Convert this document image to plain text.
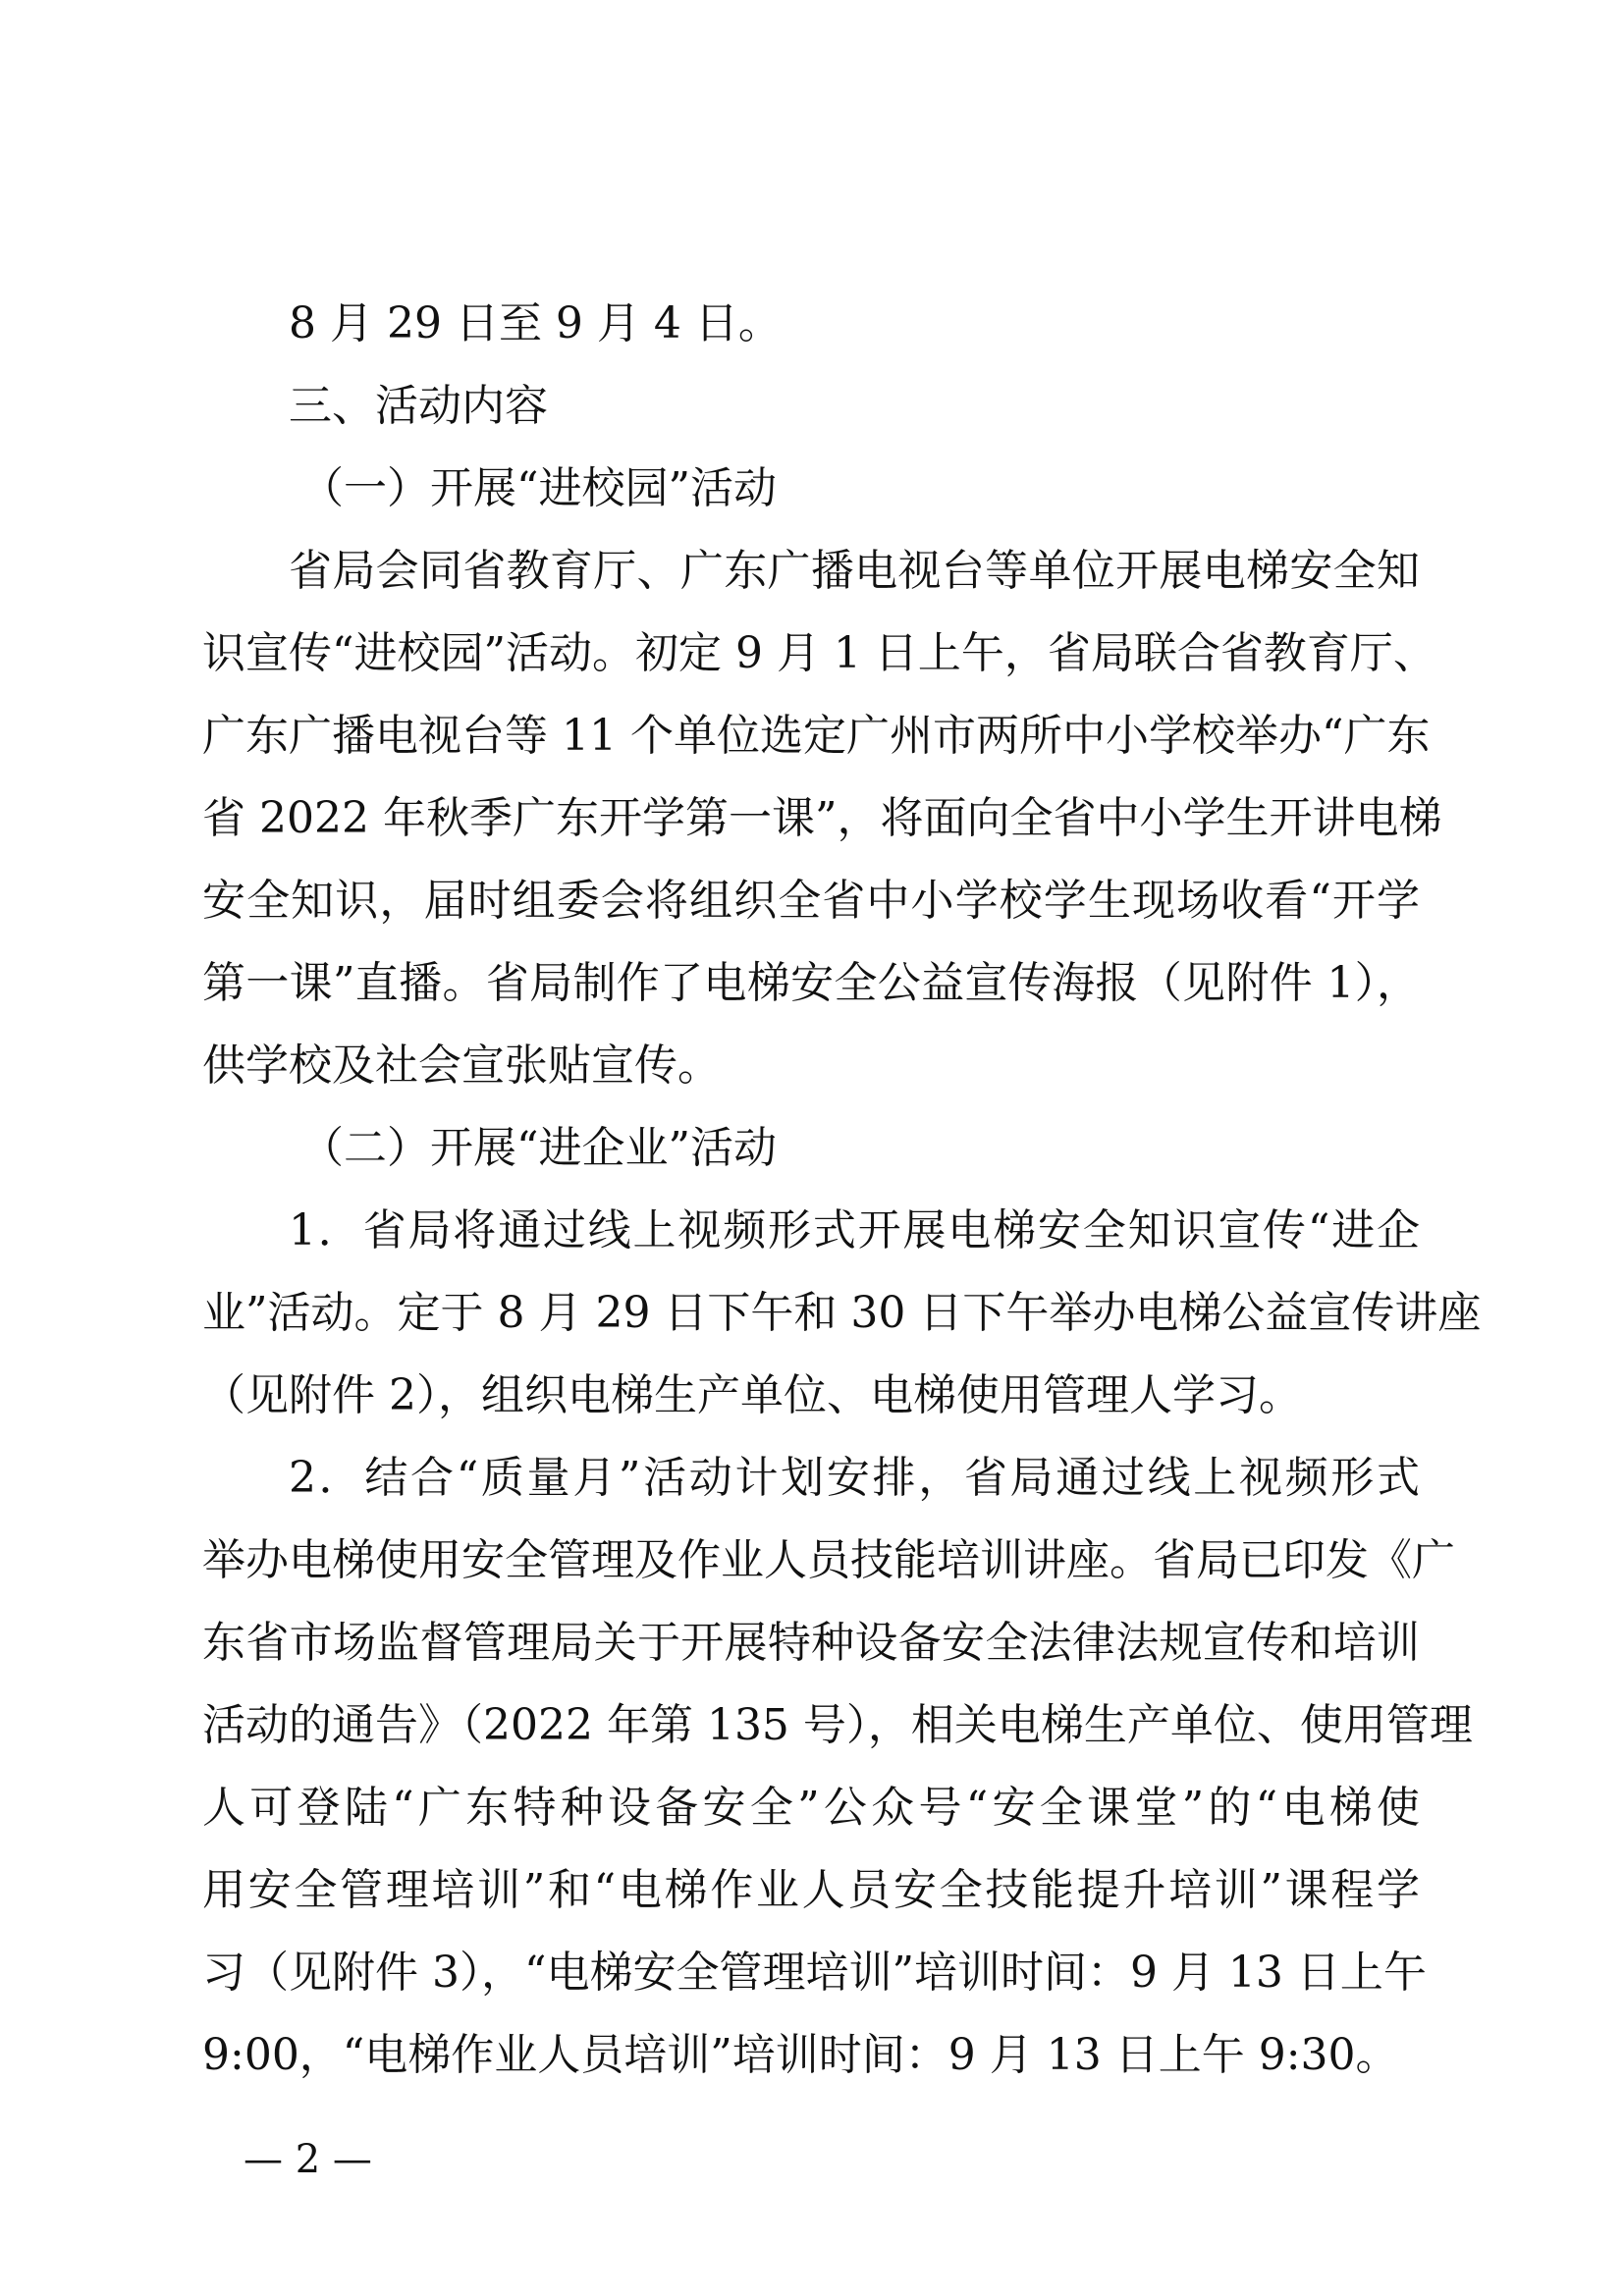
8 月 29 日至 9 月 4 日。
三、活动内容
（一）开展“进校园”活动
省局会同省教育厅、广东广播电视台等单位开展电梯安全知
识宣传“进校园”活动。初定 9 月 1 日上午，省局联合省教育厅、
广东广播电视台等 11 个单位选定广州市两所中小学校举办“广东
省 2022 年秋季广东开学第一课”，将面向全省中小学生开讲电梯
安全知识，届时组委会将组织全省中小学校学生现场收看“开学
第一课”直播。省局制作了电梯安全公益宣传海报（见附件 1），
供学校及社会宣张贴宣传。
（二）开展“进企业”活动
1．省局将通过线上视频形式开展电梯安全知识宣传“进企
业”活动。定于 8 月 29 日下午和 30 日下午举办电梯公益宣传讲座
（见附件 2），组织电梯生产单位、电梯使用管理人学习。
2．结合“质量月”活动计划安排，省局通过线上视频形式
举办电梯使用安全管理及作业人员技能培训讲座。省局已印发《广
东省市场监督管理局关于开展特种设备安全法律法规宣传和培训
活动的通告》（2022 年第 135 号），相关电梯生产单位、使用管理
人可登陆“广东特种设备安全”公众号“安全课堂”的“电梯使
用安全管理培训”和“电梯作业人员安全技能提升培训”课程学
习（见附件 3），“电梯安全管理培训”培训时间：9 月 13 日上午
9:00，“电梯作业人员培训”培训时间：9 月 13 日上午 9:30。
— 2 —
